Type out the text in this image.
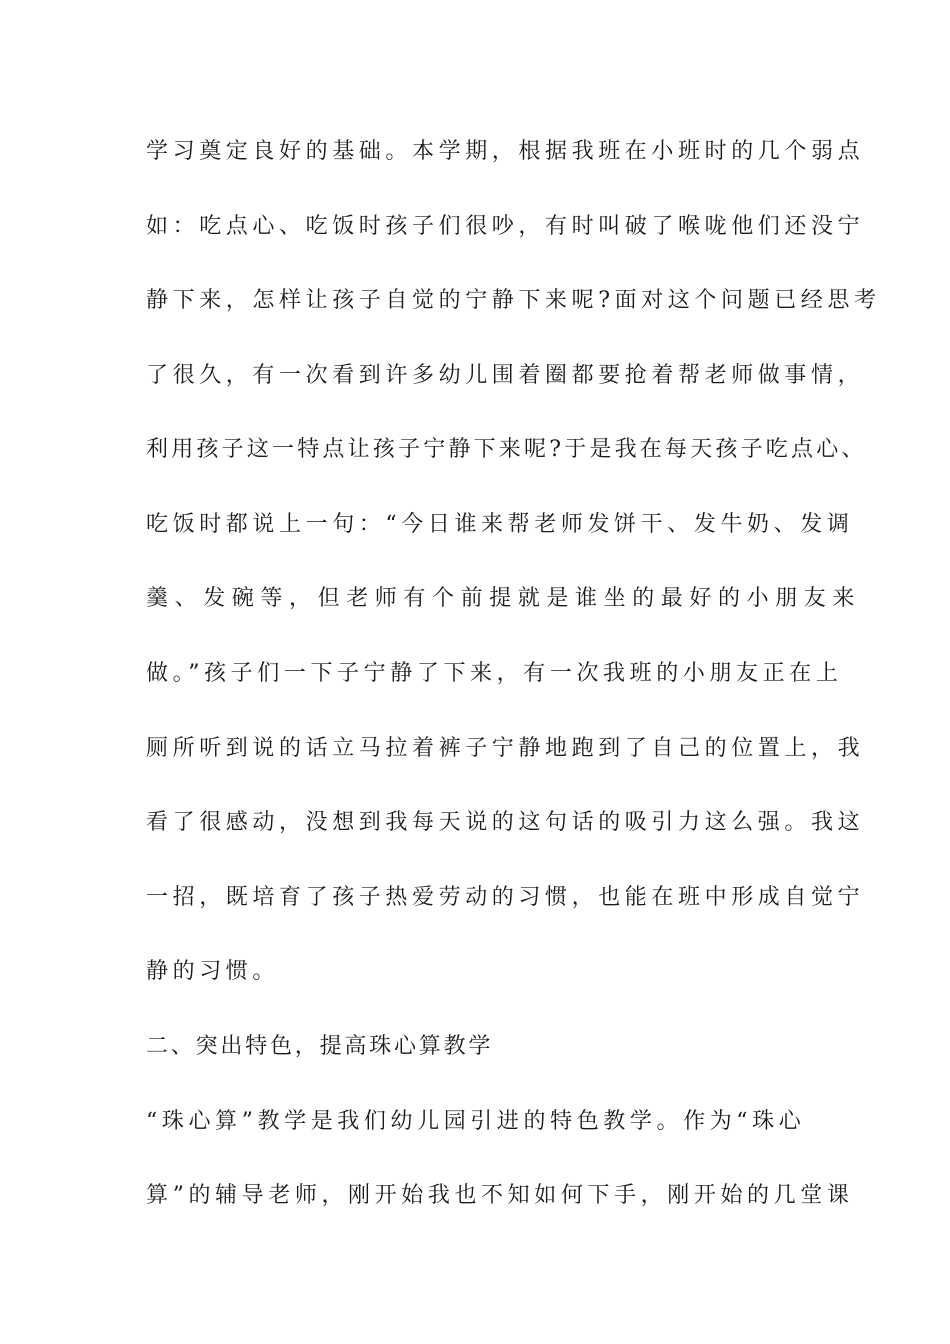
学习奠定良好的基础。本学期，根据我班在小班时的几个弱点
如：吃点心、吃饭时孩子们很吵，有时叫破了喉咙他们还没宁
静下来，怎样让孩子自觉的宁静下来呢?面对这个问题已经思考
了很久，有一次看到许多幼儿围着圈都要抢着帮老师做事情，
利用孩子这一特点让孩子宁静下来呢?于是我在每天孩子吃点心、
吃饭时都说上一句：“今日谁来帮老师发饼干、发牛奶、发调
羹、发碗等，但老师有个前提就是谁坐的最好的小朋友来
做。”孩子们一下子宁静了下来，有一次我班的小朋友正在上
厕所听到说的话立马拉着裤子宁静地跑到了自己的位置上，我
看了很感动，没想到我每天说的这句话的吸引力这么强。我这
一招，既培育了孩子热爱劳动的习惯，也能在班中形成自觉宁
静的习惯。
二、突出特色，提高珠心算教学
“珠心算”教学是我们幼儿园引进的特色教学。作为“珠心
算”的辅导老师，刚开始我也不知如何下手，刚开始的几堂课
